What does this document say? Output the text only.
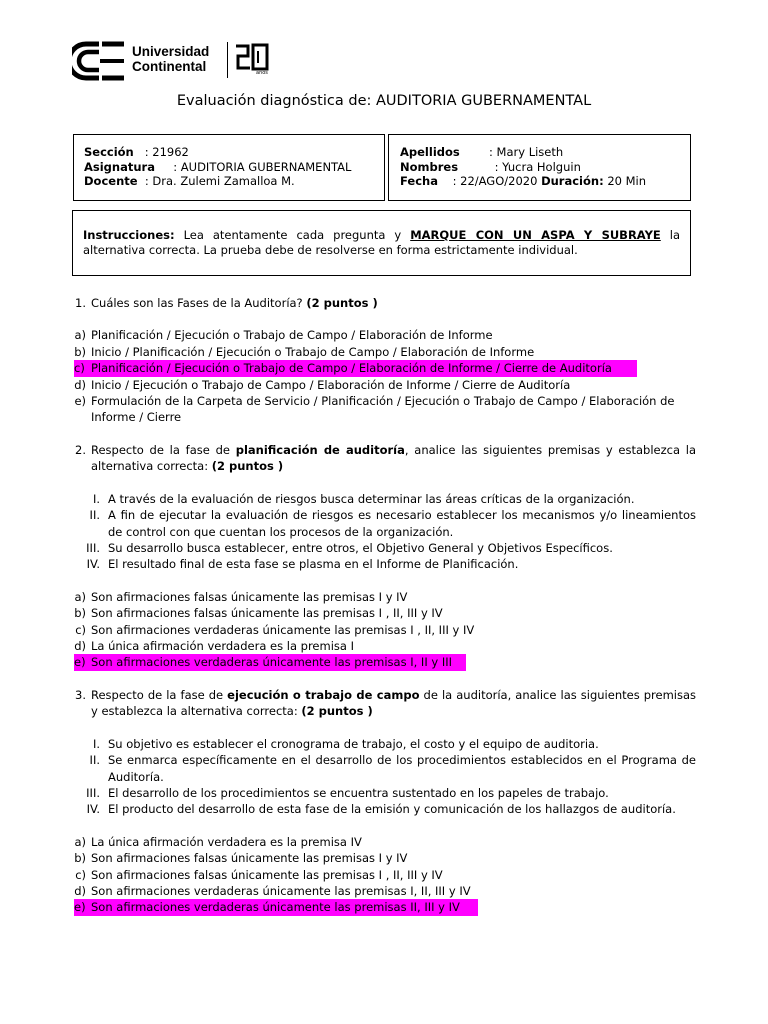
Universidad
Continental	años
Evaluación diagnóstica de: AUDITORIA GUBERNAMENTAL
Sección : 21962
Asignatura : AUDITORIA GUBERNAMENTAL
Docente : Dra. Zulemi Zamalloa M.
Apellidos	: Mary Liseth
Nombres	: Yucra Holguin
Fecha : 22/AGO/2020 Duración: 20 Min
Instrucciones: Lea atentamente cada pregunta y MARQUE CON UN ASPA Y SUBRAYE la alternativa correcta. La prueba debe de resolverse en forma estrictamente individual.
1. Cuáles son las Fases de la Auditoría? (2 puntos )
a) Planificación / Ejecución o Trabajo de Campo / Elaboración de Informe
b) Inicio / Planificación / Ejecución o Trabajo de Campo / Elaboración de Informe
c) Planificación / Ejecución o Trabajo de Campo / Elaboración de Informe / Cierre de Auditoría
d) Inicio / Ejecución o Trabajo de Campo / Elaboración de Informe / Cierre de Auditoría
e) Formulación de la Carpeta de Servicio / Planificación / Ejecución o Trabajo de Campo / Elaboración de Informe / Cierre
2. Respecto de la fase de planificación de auditoría, analice las siguientes premisas y establezca la alternativa correcta: (2 puntos )
I. A través de la evaluación de riesgos busca determinar las áreas críticas de la organización.
II. A fin de ejecutar la evaluación de riesgos es necesario establecer los mecanismos y/o lineamientos de control con que cuentan los procesos de la organización.
III. Su desarrollo busca establecer, entre otros, el Objetivo General y Objetivos Específicos.
IV. El resultado final de esta fase se plasma en el Informe de Planificación.
a) Son afirmaciones falsas únicamente las premisas I y IV
b) Son afirmaciones falsas únicamente las premisas I , II, III y IV
c) Son afirmaciones verdaderas únicamente las premisas I , II, III y IV
d) La única afirmación verdadera es la premisa I
e) Son afirmaciones verdaderas únicamente las premisas I, II y III
3. Respecto de la fase de ejecución o trabajo de campo de la auditoría, analice las siguientes premisas y establezca la alternativa correcta: (2 puntos )
I. Su objetivo es establecer el cronograma de trabajo, el costo y el equipo de auditoria.
II. Se enmarca específicamente en el desarrollo de los procedimientos establecidos en el Programa de Auditoría.
III. El desarrollo de los procedimientos se encuentra sustentado en los papeles de trabajo.
IV. El producto del desarrollo de esta fase de la emisión y comunicación de los hallazgos de auditoría.
a) La única afirmación verdadera es la premisa IV
b) Son afirmaciones falsas únicamente las premisas I y IV
c) Son afirmaciones falsas únicamente las premisas I , II, III y IV
d) Son afirmaciones verdaderas únicamente las premisas I, II, III y IV
e) Son afirmaciones verdaderas únicamente las premisas II, III y IV
